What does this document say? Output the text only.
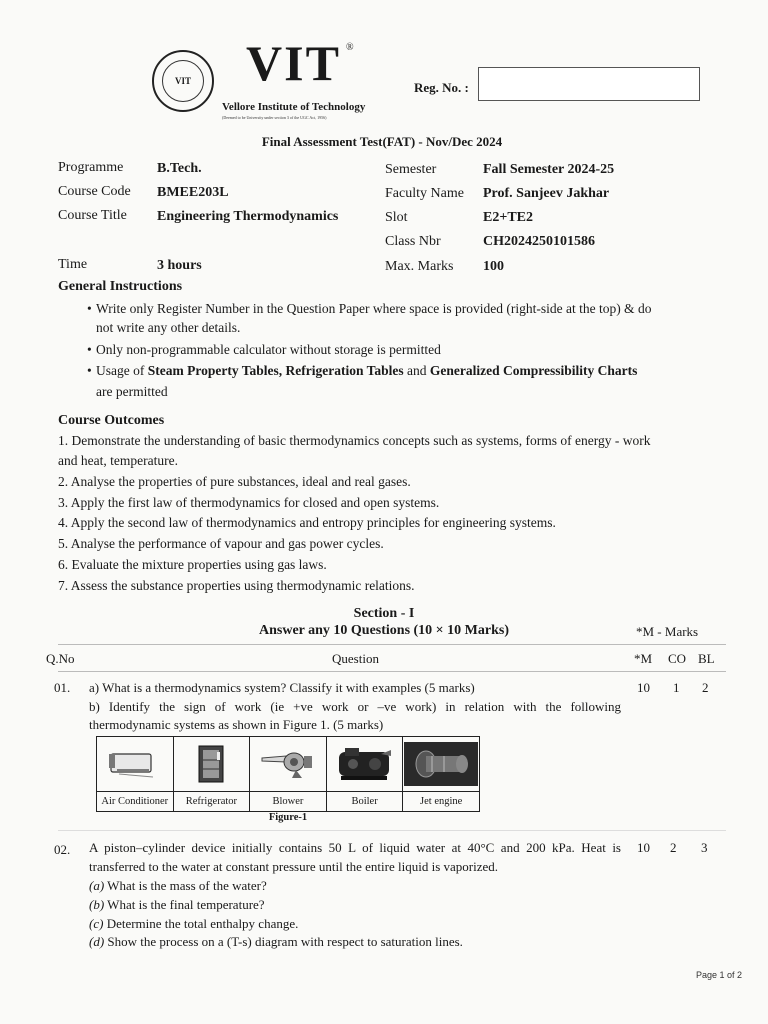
VIT VIT ®
Vellore Institute of Technology
(Deemed to be University under section 3 of the UGC Act, 1956)
Reg. No. :
Final Assessment Test(FAT) - Nov/Dec 2024
Programme B.Tech.
Course Code BMEE203L
Course Title Engineering Thermodynamics
Time	3 hours
Semester	Fall Semester 2024-25
Faculty Name Prof. Sanjeev Jakhar
Slot	E2+TE2
Class Nbr	CH2024250101586
Max. Marks 100
General Instructions
• Write only Register Number in the Question Paper where space is provided (right-side at the top) & do
not write any other details.
• Only non-programmable calculator without storage is permitted
• Usage of Steam Property Tables, Refrigeration Tables and Generalized Compressibility Charts
are permitted
Course Outcomes
1. Demonstrate the understanding of basic thermodynamics concepts such as systems, forms of energy - work
and heat, temperature.
2. Analyse the properties of pure substances, ideal and real gases.
3. Apply the first law of thermodynamics for closed and open systems.
4. Apply the second law of thermodynamics and entropy principles for engineering systems.
5. Analyse the performance of vapour and gas power cycles.
6. Evaluate the mixture properties using gas laws.
7. Assess the substance properties using thermodynamic relations.
Section - I
Answer any 10 Questions (10 × 10 Marks)	*M - Marks
Q.No	Question	*M CO BL
01. a) What is a thermodynamics system? Classify it with examples (5 marks)
b) Identify the sign of work (ie +ve work or –ve work) in relation with the following
thermodynamic systems as shown in Figure 1. (5 marks)
10 1 2

Air Conditioner	Refrigerator	Blower	Boiler	Jet engine
Figure-1
02. A piston–cylinder device initially contains 50 L of liquid water at 40°C and 200 kPa. Heat is
transferred to the water at constant pressure until the entire liquid is vaporized.
(a) What is the mass of the water?
(b) What is the final temperature?
(c) Determine the total enthalpy change.
(d) Show the process on a (T-s) diagram with respect to saturation lines.
10 2 3
Page 1 of 2
